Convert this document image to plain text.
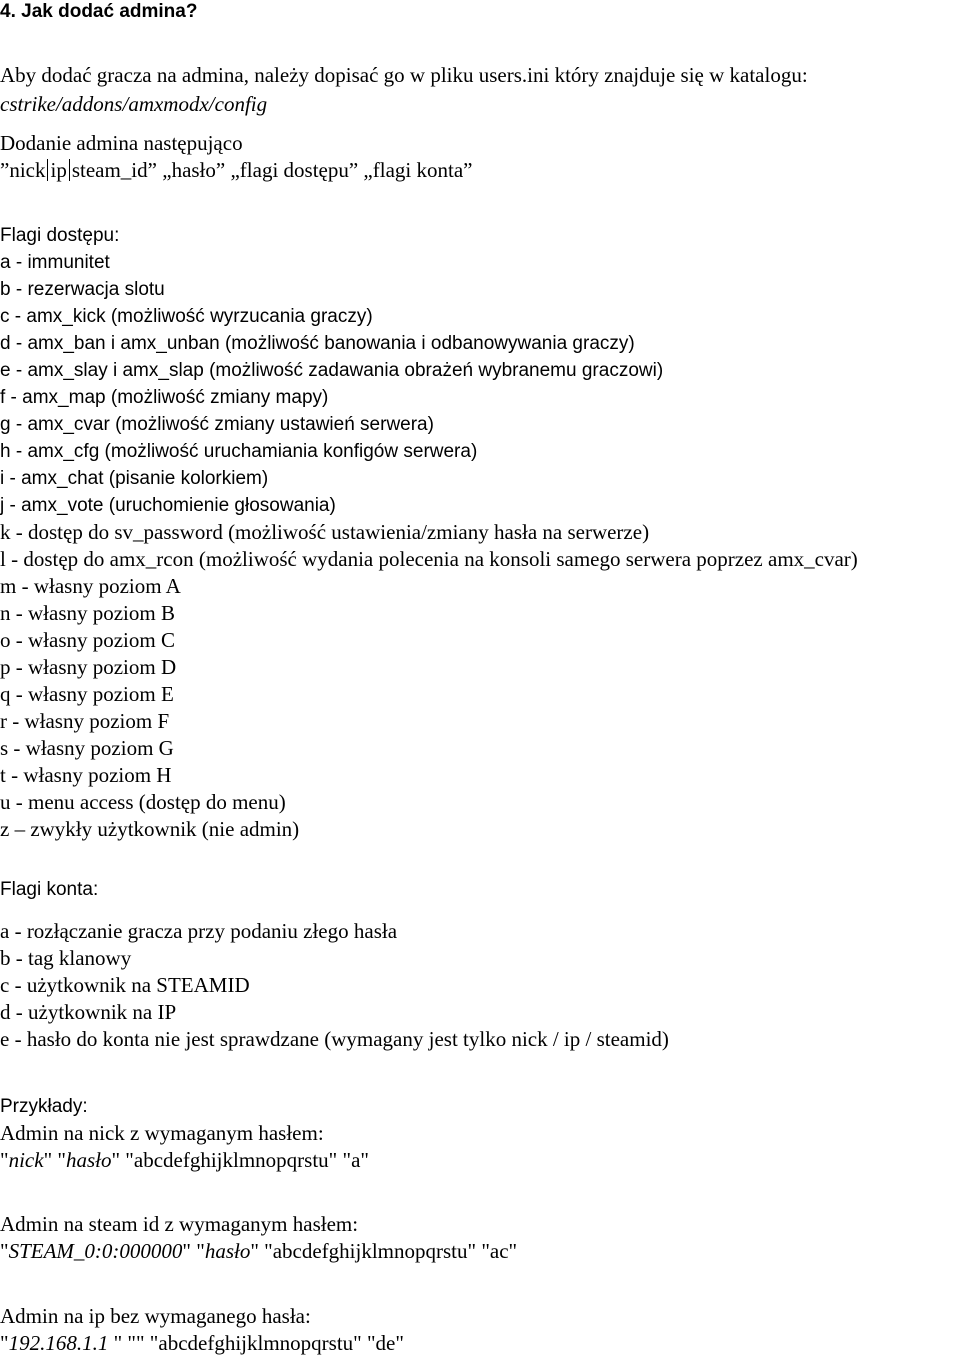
4. Jak dodać admina?
Aby dodać gracza na admina, należy dopisać go w pliku users.ini który znajduje się w katalogu:
cstrike/addons/amxmodx/config
Dodanie admina następująco
”nick ip steam_id” „hasło” „flagi dostępu” „flagi konta”
Flagi dostępu:
a - immunitet
b - rezerwacja slotu
c - amx_kick (możliwość wyrzucania graczy)
d - amx_ban i amx_unban (możliwość banowania i odbanowywania graczy)
e - amx_slay i amx_slap (możliwość zadawania obrażeń wybranemu graczowi)
f - amx_map (możliwość zmiany mapy)
g - amx_cvar (możliwość zmiany ustawień serwera)
h - amx_cfg (możliwość uruchamiania konfigów serwera)
i - amx_chat (pisanie kolorkiem)
j - amx_vote (uruchomienie głosowania)
k - dostęp do sv_password (możliwość ustawienia/zmiany hasła na serwerze)
l - dostęp do amx_rcon (możliwość wydania polecenia na konsoli samego serwera poprzez amx_cvar)
m - własny poziom A
n - własny poziom B
o - własny poziom C
p - własny poziom D
q - własny poziom E
r - własny poziom F
s - własny poziom G
t - własny poziom H
u - menu access (dostęp do menu)
z – zwykły użytkownik (nie admin)
Flagi konta:
a - rozłączanie gracza przy podaniu złego hasła
b - tag klanowy
c - użytkownik na STEAMID
d - użytkownik na IP
e - hasło do konta nie jest sprawdzane (wymagany jest tylko nick / ip / steamid)
Przykłady:
Admin na nick z wymaganym hasłem:
"nick" "hasło" "abcdefghijklmnopqrstu" "a"
Admin na steam id z wymaganym hasłem:
"STEAM_0:0:000000" "hasło" "abcdefghijklmnopqrstu" "ac"
Admin na ip bez wymaganego hasła:
"192.168.1.1 " "" "abcdefghijklmnopqrstu" "de"
